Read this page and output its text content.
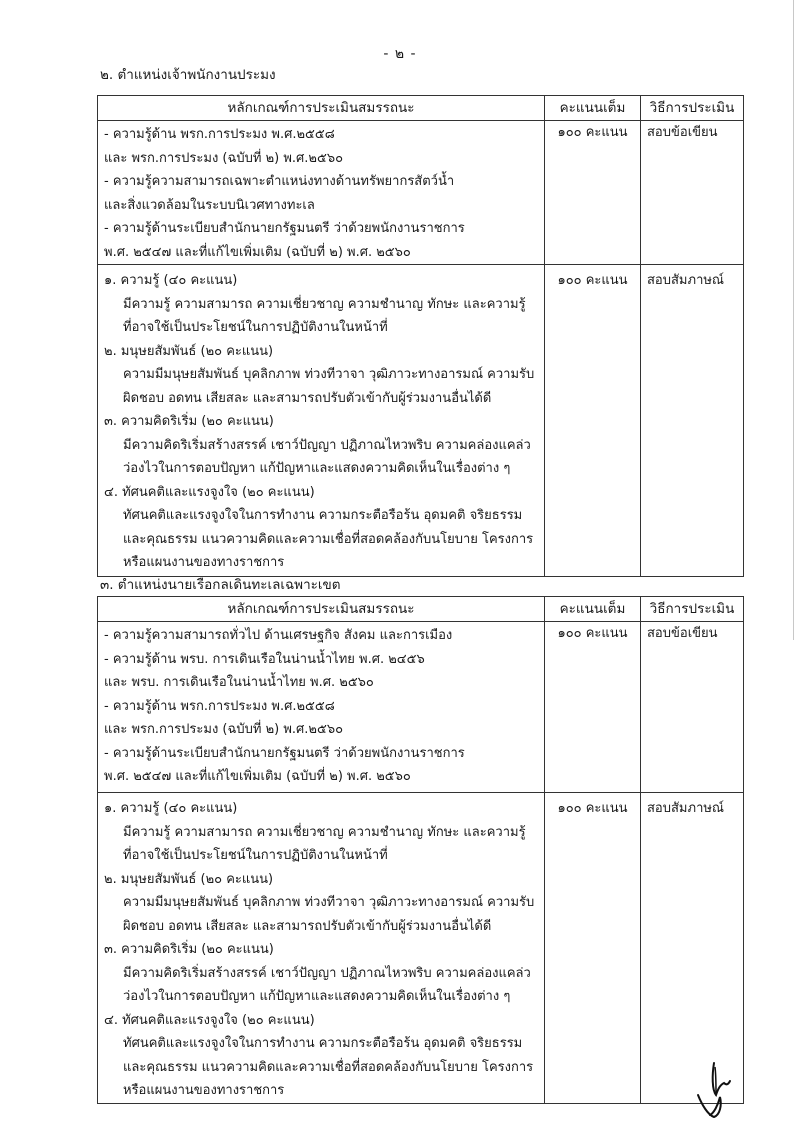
- ๒ -
๒. ตำแหน่งเจ้าพนักงานประมง
หลักเกณฑ์การประเมินสมรรถนะ	คะแนนเต็ม	วิธีการประเมิน

- ความรู้ด้าน พรก.การประมง พ.ศ.๒๕๕๘
และ พรก.การประมง (ฉบับที่ ๒) พ.ศ.๒๕๖๐
- ความรู้ความสามารถเฉพาะตำแหน่งทางด้านทรัพยากรสัตว์น้ำ
และสิ่งแวดล้อมในระบบนิเวศทางทะเล
- ความรู้ด้านระเบียบสำนักนายกรัฐมนตรี ว่าด้วยพนักงานราชการ
พ.ศ. ๒๕๔๗ และที่แก้ไขเพิ่มเติม (ฉบับที่ ๒) พ.ศ. ๒๕๖๐
	๑๐๐ คะแนน	สอบข้อเขียน

๑. ความรู้ (๔๐ คะแนน)
มีความรู้ ความสามารถ ความเชี่ยวชาญ ความชำนาญ ทักษะ และความรู้
ที่อาจใช้เป็นประโยชน์ในการปฏิบัติงานในหน้าที่
๒. มนุษยสัมพันธ์ (๒๐ คะแนน)
ความมีมนุษยสัมพันธ์ บุคลิกภาพ ท่วงทีวาจา วุฒิภาวะทางอารมณ์ ความรับ
ผิดชอบ อดทน เสียสละ และสามารถปรับตัวเข้ากับผู้ร่วมงานอื่นได้ดี
๓. ความคิดริเริ่ม (๒๐ คะแนน)
มีความคิดริเริ่มสร้างสรรค์ เชาว์ปัญญา ปฏิภาณไหวพริบ ความคล่องแคล่ว
ว่องไวในการตอบปัญหา แก้ปัญหาและแสดงความคิดเห็นในเรื่องต่าง ๆ
๔. ทัศนคติและแรงจูงใจ (๒๐ คะแนน)
ทัศนคติและแรงจูงใจในการทำงาน ความกระตือรือร้น อุดมคติ จริยธรรม
และคุณธรรม แนวความคิดและความเชื่อที่สอดคล้องกับนโยบาย โครงการ
หรือแผนงานของทางราชการ
	๑๐๐ คะแนน	สอบสัมภาษณ์
๓. ตำแหน่งนายเรือกลเดินทะเลเฉพาะเขต
หลักเกณฑ์การประเมินสมรรถนะ	คะแนนเต็ม	วิธีการประเมิน

- ความรู้ความสามารถทั่วไป ด้านเศรษฐกิจ สังคม และการเมือง
- ความรู้ด้าน พรบ. การเดินเรือในน่านน้ำไทย พ.ศ. ๒๔๕๖
และ พรบ. การเดินเรือในน่านน้ำไทย พ.ศ. ๒๕๖๐
- ความรู้ด้าน พรก.การประมง พ.ศ.๒๕๕๘
และ พรก.การประมง (ฉบับที่ ๒) พ.ศ.๒๕๖๐
- ความรู้ด้านระเบียบสำนักนายกรัฐมนตรี ว่าด้วยพนักงานราชการ
พ.ศ. ๒๕๔๗ และที่แก้ไขเพิ่มเติม (ฉบับที่ ๒) พ.ศ. ๒๕๖๐
	๑๐๐ คะแนน	สอบข้อเขียน

๑. ความรู้ (๔๐ คะแนน)
มีความรู้ ความสามารถ ความเชี่ยวชาญ ความชำนาญ ทักษะ และความรู้
ที่อาจใช้เป็นประโยชน์ในการปฏิบัติงานในหน้าที่
๒. มนุษยสัมพันธ์ (๒๐ คะแนน)
ความมีมนุษยสัมพันธ์ บุคลิกภาพ ท่วงทีวาจา วุฒิภาวะทางอารมณ์ ความรับ
ผิดชอบ อดทน เสียสละ และสามารถปรับตัวเข้ากับผู้ร่วมงานอื่นได้ดี
๓. ความคิดริเริ่ม (๒๐ คะแนน)
มีความคิดริเริ่มสร้างสรรค์ เชาว์ปัญญา ปฏิภาณไหวพริบ ความคล่องแคล่ว
ว่องไวในการตอบปัญหา แก้ปัญหาและแสดงความคิดเห็นในเรื่องต่าง ๆ
๔. ทัศนคติและแรงจูงใจ (๒๐ คะแนน)
ทัศนคติและแรงจูงใจในการทำงาน ความกระตือรือร้น อุดมคติ จริยธรรม
และคุณธรรม แนวความคิดและความเชื่อที่สอดคล้องกับนโยบาย โครงการ
หรือแผนงานของทางราชการ
	๑๐๐ คะแนน	สอบสัมภาษณ์
